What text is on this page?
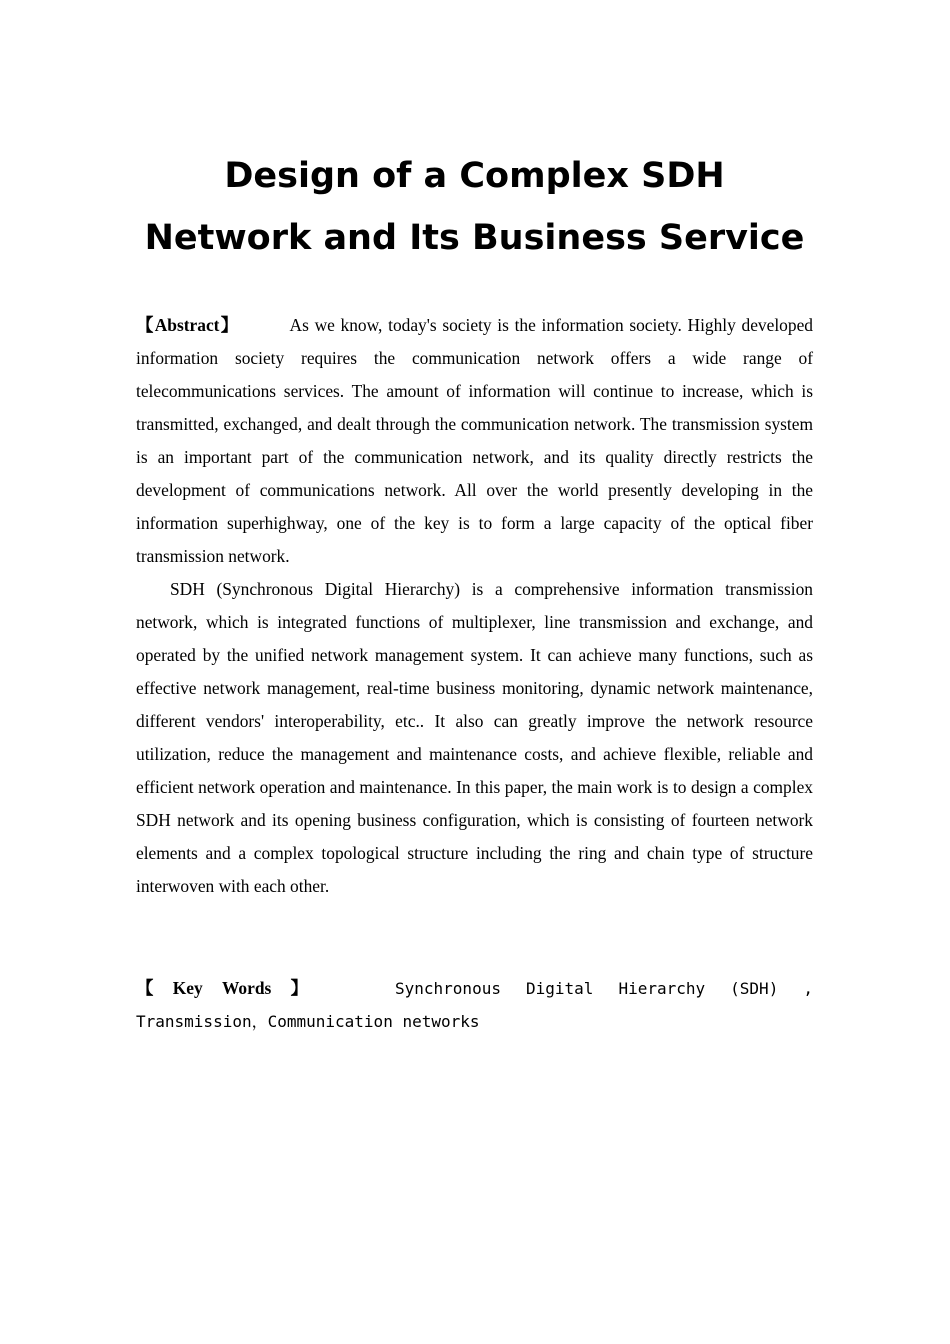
Design of a Complex SDH
Network and Its Business Service

【Abstract】	As we know, today's society is the information society. Highly developed information society requires the communication network offers a wide range of telecommunications services. The amount of information will continue to increase, which is transmitted, exchanged, and dealt through the communication network. The transmission system is an important part of the communication network, and its quality directly restricts the development of communications network. All over the world presently developing in the information superhighway, one of the key is to form a large capacity of the optical fiber transmission network.

SDH (Synchronous Digital Hierarchy) is a comprehensive information transmission network, which is integrated functions of multiplexer, line transmission and exchange, and operated by the unified network management system. It can achieve many functions, such as effective network management, real-time business monitoring, dynamic network maintenance, different vendors' interoperability, etc.. It also can greatly improve the network resource utilization, reduce the management and maintenance costs, and achieve flexible, reliable and efficient network operation and maintenance. In this paper, the main work is to design a complex SDH network and its opening business configuration, which is consisting of fourteen network elements and a complex topological structure including the ring and chain type of structure interwoven with each other.

【 Key Words 】	Synchronous Digital Hierarchy (SDH) ,
Transmission，Communication networks
